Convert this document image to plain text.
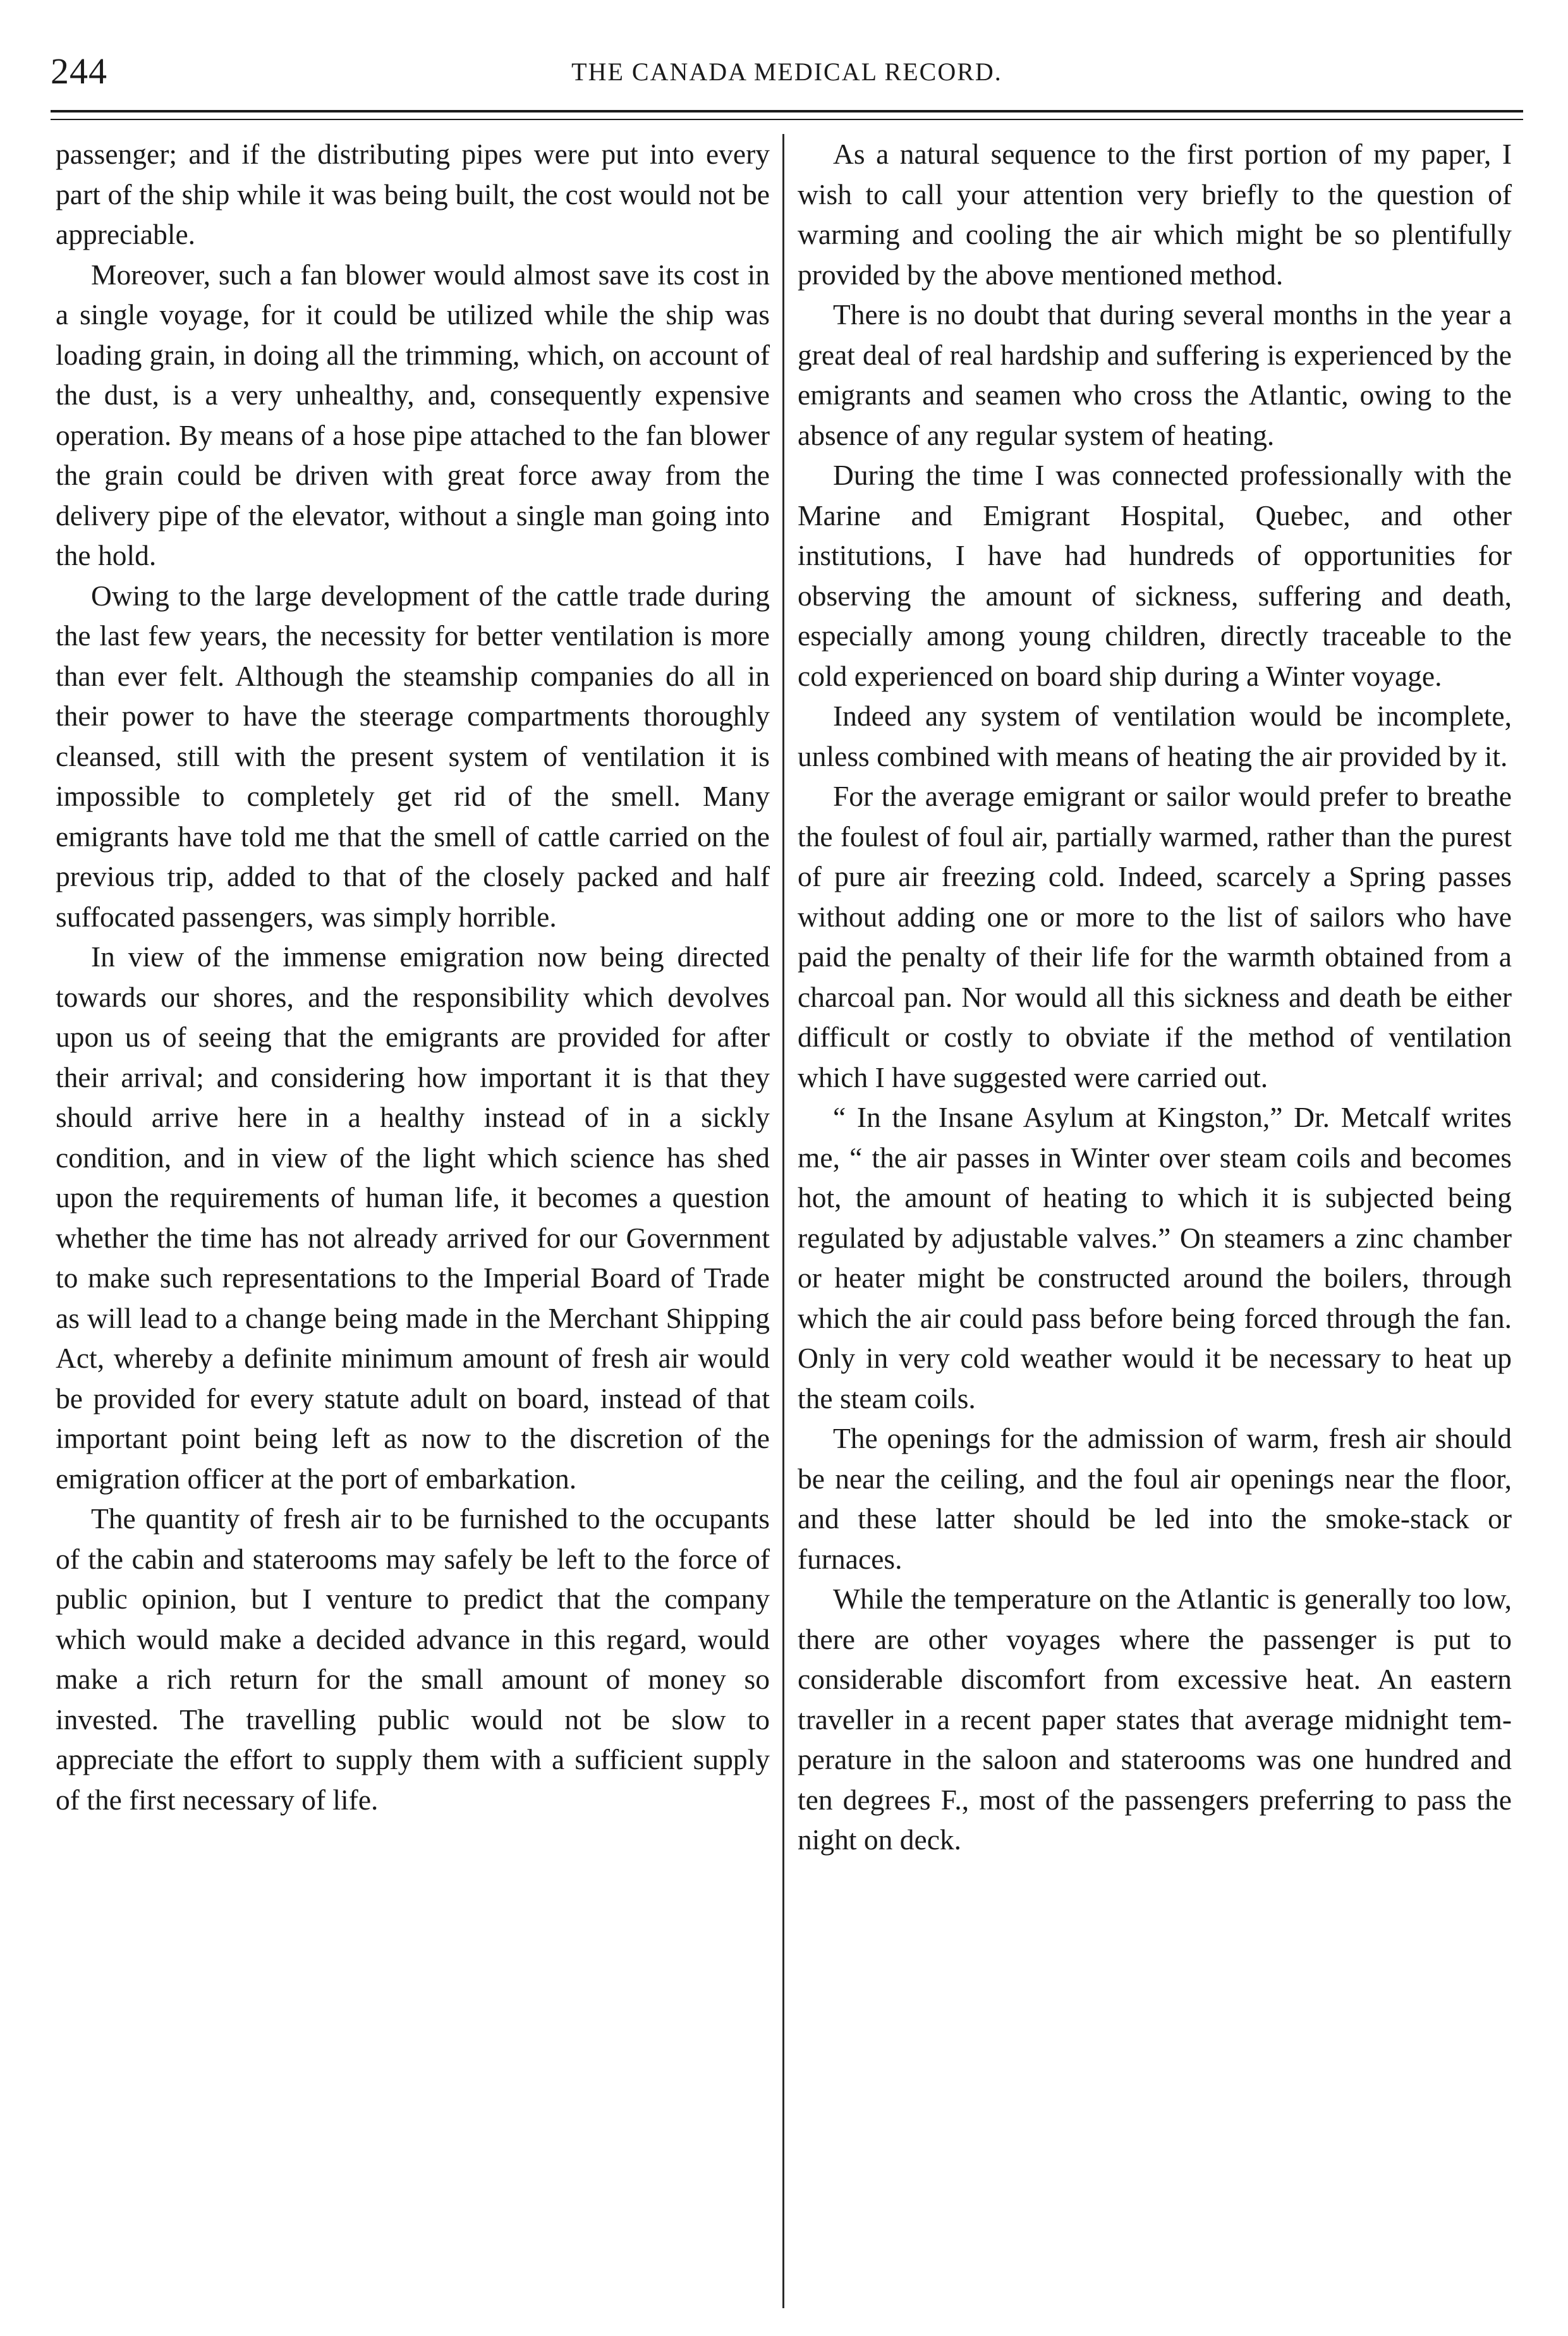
244	THE CANADA MEDICAL RECORD.

passenger; and if the distributing pipes were put into every part of the ship while it was being built, the cost would not be appreciable.

Moreover, such a fan blower would almost save its cost in a single voyage, for it could be utilized while the ship was loading grain, in doing all the trimming, which, on account of the dust, is a very unhealthy, and, consequently expensive operation. By means of a hose pipe attached to the fan blower the grain could be driven with great force away from the delivery pipe of the elevator, without a single man going into the hold.

Owing to the large development of the cattle trade during the last few years, the necessity for better ventilation is more than ever felt. Although the steamship companies do all in their power to have the steerage compartments thoroughly cleansed, still with the present system of ventilation it is impossible to completely get rid of the smell. Many emigrants have told me that the smell of cattle carried on the previous trip, added to that of the closely packed and half suffocated passengers, was simply horrible.

In view of the immense emigration now being directed towards our shores, and the responsibility which devolves upon us of seeing that the emigrants are provided for after their arrival; and considering how important it is that they should arrive here in a healthy instead of in a sickly condition, and in view of the light which science has shed upon the requirements of human life, it becomes a question whether the time has not already arrived for our Government to make such representations to the Imperial Board of Trade as will lead to a change being made in the Merchant Shipping Act, whereby a definite minimum amount of fresh air would be provided for every statute adult on board, instead of that important point being left as now to the discretion of the emigration officer at the port of embarkation.

The quantity of fresh air to be furnished to the occupants of the cabin and staterooms may safely be left to the force of public opinion, but I venture to predict that the company which would make a decided advance in this regard, would make a rich return for the small amount of money so invested. The travelling public would not be slow to appreciate the effort to supply them with a sufficient supply of the first necessary of life.

As a natural sequence to the first portion of my paper, I wish to call your attention very briefly to the question of warming and cooling the air which might be so plentifully provided by the above mentioned method.

There is no doubt that during several months in the year a great deal of real hardship and suffering is experienced by the emigrants and seamen who cross the Atlantic, owing to the absence of any regular system of heating.

During the time I was connected professionally with the Marine and Emigrant Hospital, Quebec, and other institutions, I have had hundreds of opportunities for observing the amount of sickness, suffering and death, especially among young children, directly traceable to the cold experienced on board ship during a Winter voyage.

Indeed any system of ventilation would be incomplete, unless combined with means of heating the air provided by it.

For the average emigrant or sailor would prefer to breathe the foulest of foul air, partially warmed, rather than the purest of pure air freezing cold. Indeed, scarcely a Spring passes without adding one or more to the list of sailors who have paid the penalty of their life for the warmth obtained from a charcoal pan. Nor would all this sickness and death be either difficult or costly to obviate if the method of ventilation which I have suggested were carried out.

“ In the Insane Asylum at Kingston,” Dr. Metcalf writes me, “ the air passes in Winter over steam coils and becomes hot, the amount of heating to which it is subjected being regulated by adjustable valves.” On steamers a zinc chamber or heater might be constructed around the boilers, through which the air could pass before being forced through the fan. Only in very cold weather would it be necessary to heat up the steam coils.

The openings for the admission of warm, fresh air should be near the ceiling, and the foul air openings near the floor, and these latter should be led into the smoke-stack or furnaces.

While the temperature on the Atlantic is generally too low, there are other voyages where the passenger is put to considerable discomfort from excessive heat. An eastern traveller in a recent paper states that average midnight temperature in the saloon and staterooms was one hundred and ten degrees F., most of the passengers preferring to pass the night on deck.
